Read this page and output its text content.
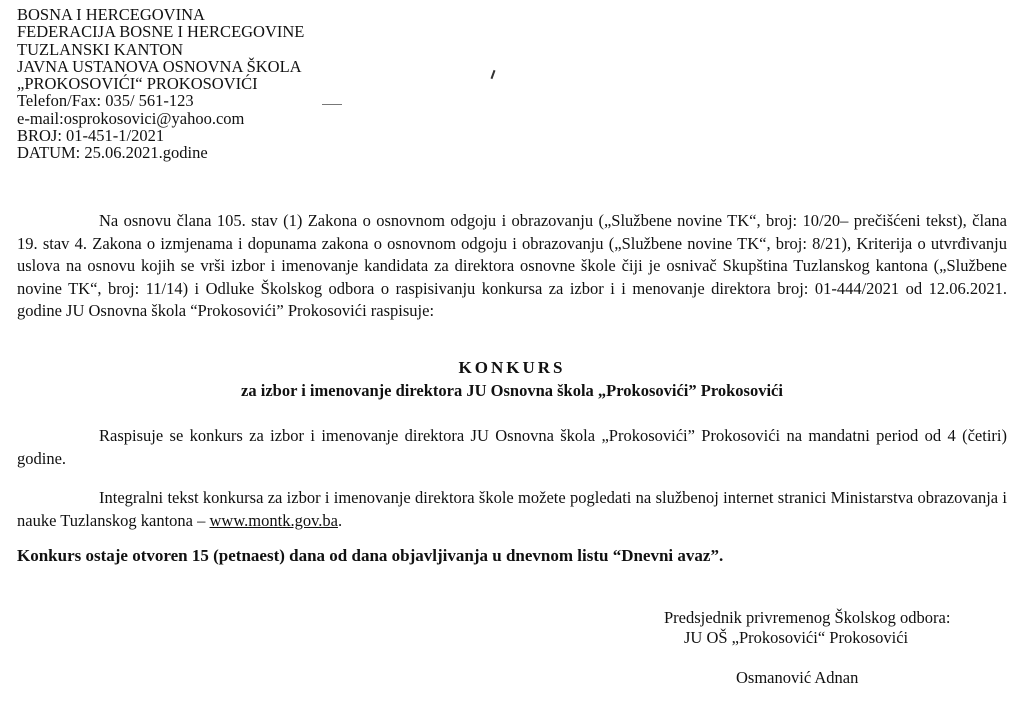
BOSNA I HERCEGOVINA
FEDERACIJA BOSNE I HERCEGOVINE
TUZLANSKI KANTON
JAVNA USTANOVA OSNOVNA ŠKOLA
„PROKOSOVIĆI“ PROKOSOVIĆI
Telefon/Fax: 035/ 561-123
e-mail:osprokosovici@yahoo.com
BROJ: 01-451-1/2021
DATUM: 25.06.2021.godine

Na osnovu člana 105. stav (1) Zakona o osnovnom odgoju i obrazovanju („Službene novine TK“, broj: 10/20– prečišćeni tekst), člana 19. stav 4. Zakona o izmjenama i dopunama zakona o osnovnom odgoju i obrazovanju („Službene novine TK“, broj: 8/21), Kriterija o utvrđivanju uslova na osnovu kojih se vrši izbor i imenovanje kandidata za direktora osnovne škole čiji je osnivač Skupština Tuzlanskog kantona („Službene novine TK“, broj: 11/14) i Odluke Školskog odbora o raspisivanju konkursa za izbor i i menovanje direktora broj: 01-444/2021 od 12.06.2021. godine JU Osnovna škola “Prokosovići” Prokosovići raspisuje:

KONKURS
za izbor i imenovanje direktora JU Osnovna škola „Prokosovići” Prokosovići

Raspisuje se konkurs za izbor i imenovanje direktora JU Osnovna škola „Prokosovići” Prokosovići na mandatni period od 4 (četiri) godine.

Integralni tekst konkursa za izbor i imenovanje direktora škole možete pogledati na službenoj internet stranici Ministarstva obrazovanja i nauke Tuzlanskog kantona – www.montk.gov.ba.

Konkurs ostaje otvoren 15 (petnaest) dana od dana objavljivanja u dnevnom listu “Dnevni avaz”.
Predsjednik privremenog Školskog odbora:
JU OŠ „Prokosovići“ Prokosovići
Osmanović Adnan
